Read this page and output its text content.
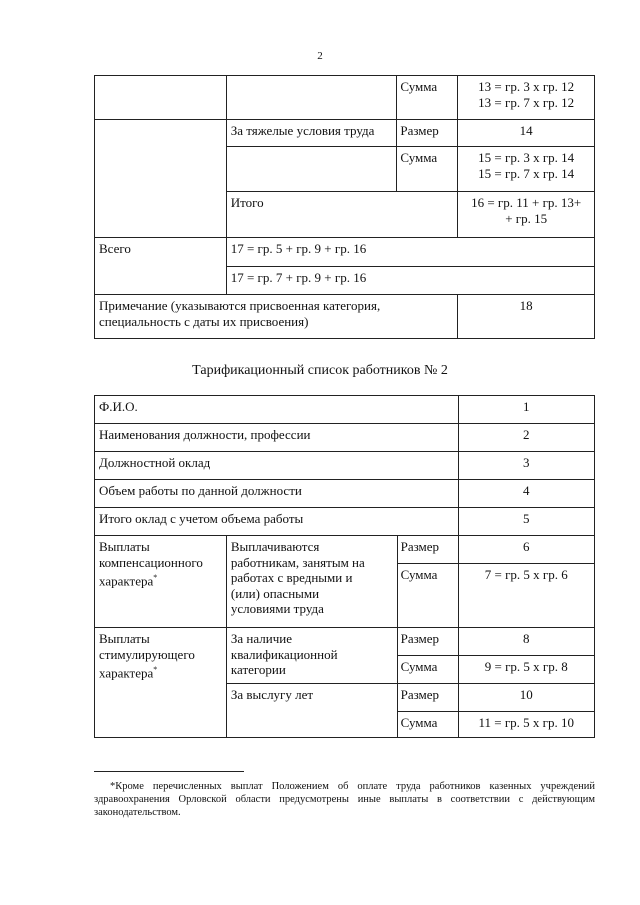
2
		Сумма	13 = гр. 3 х гр. 12
13 = гр. 7 х гр. 12
	За тяжелые условия труда	Размер	14
		Сумма	15 = гр. 3 х гр. 14
15 = гр. 7 х гр. 14
	Итого		16 = гр. 11 + гр. 13+
+ гр. 15
Всего	17 = гр. 5 + гр. 9 + гр. 16		
	17 = гр. 7 + гр. 9 + гр. 16		
Примечание (указываются присвоенная категория,
специальность с даты их присвоения)			18
Тарификационный список работников № 2
Ф.И.О.			1
Наименования должности, профессии			2
Должностной оклад			3
Объем работы по данной должности			4
Итого оклад с учетом объема работы			5
Выплаты
компенсационного
характера*	Выплачиваются
работникам, занятым на
работах с вредными и
(или) опасными
условиями труда	Размер	6
		Сумма	7 = гр. 5 х гр. 6
Выплаты
стимулирующего
характера*	За наличие
квалификационной
категории	Размер	8
		Сумма	9 = гр. 5 х гр. 8
	За выслугу лет	Размер	10
		Сумма	11 = гр. 5 х гр. 10
*Кроме перечисленных выплат Положением об оплате труда работников казенных учреждений здравоохранения Орловской области предусмотрены иные выплаты в соответствии с действующим законодательством.
